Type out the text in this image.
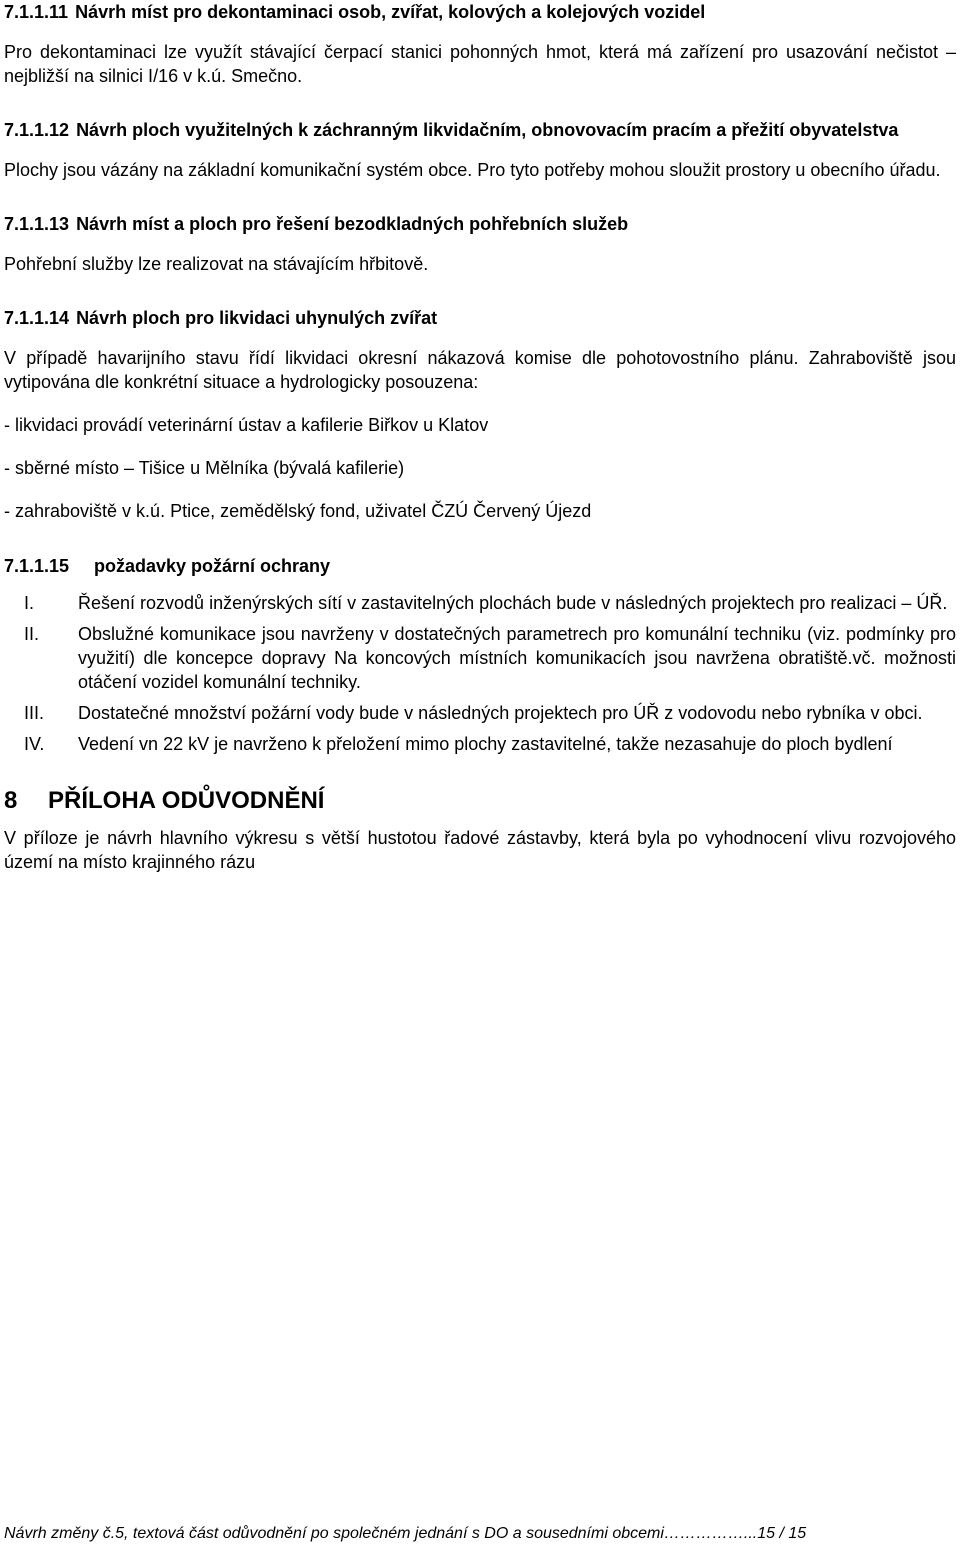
7.1.1.11 Návrh míst pro dekontaminaci osob, zvířat, kolových a kolejových vozidel

Pro dekontaminaci lze využít stávající čerpací stanici pohonných hmot, která má zařízení pro usazování nečistot – nejbližší na silnici I/16 v k.ú. Smečno.

7.1.1.12 Návrh ploch využitelných k záchranným likvidačním, obnovovacím pracím a přežití obyvatelstva

Plochy jsou vázány na základní komunikační systém obce. Pro tyto potřeby mohou sloužit prostory u obecního úřadu.

7.1.1.13 Návrh míst a ploch pro řešení bezodkladných pohřebních služeb

Pohřební služby lze realizovat na stávajícím hřbitově.

7.1.1.14 Návrh ploch pro likvidaci uhynulých zvířat

V případě havarijního stavu řídí likvidaci okresní nákazová komise dle pohotovostního plánu. Zahraboviště jsou vytipována dle konkrétní situace a hydrologicky posouzena:

- likvidaci provádí veterinární ústav a kafilerie Biřkov u Klatov

- sběrné místo – Tišice u Mělníka (bývalá kafilerie)

- zahraboviště v k.ú. Ptice, zemědělský fond, uživatel ČZÚ Červený Újezd

7.1.1.15	požadavky požární ochrany
I.	Řešení rozvodů inženýrských sítí v zastavitelných plochách bude v následných projektech pro realizaci – ÚŘ.
II.	Obslužné komunikace jsou navrženy v dostatečných parametrech pro komunální techniku (viz. podmínky pro využití) dle koncepce dopravy Na koncových místních komunikacích jsou navržena obratiště.vč. možnosti otáčení vozidel komunální techniky.
III.	Dostatečné množství požární vody bude v následných projektech pro ÚŘ z vodovodu nebo rybníka v obci.
IV.	Vedení vn 22 kV je navrženo k přeložení mimo plochy zastavitelné, takže nezasahuje do ploch bydlení
8	PŘÍLOHA ODŮVODNĚNÍ

V příloze je návrh hlavního výkresu s větší hustotou řadové zástavby, která byla po vyhodnocení vlivu rozvojového území na místo krajinného rázu

Návrh změny č.5, textová část odůvodnění po společném jednání s DO a sousedními obcemi……………...15 / 15
